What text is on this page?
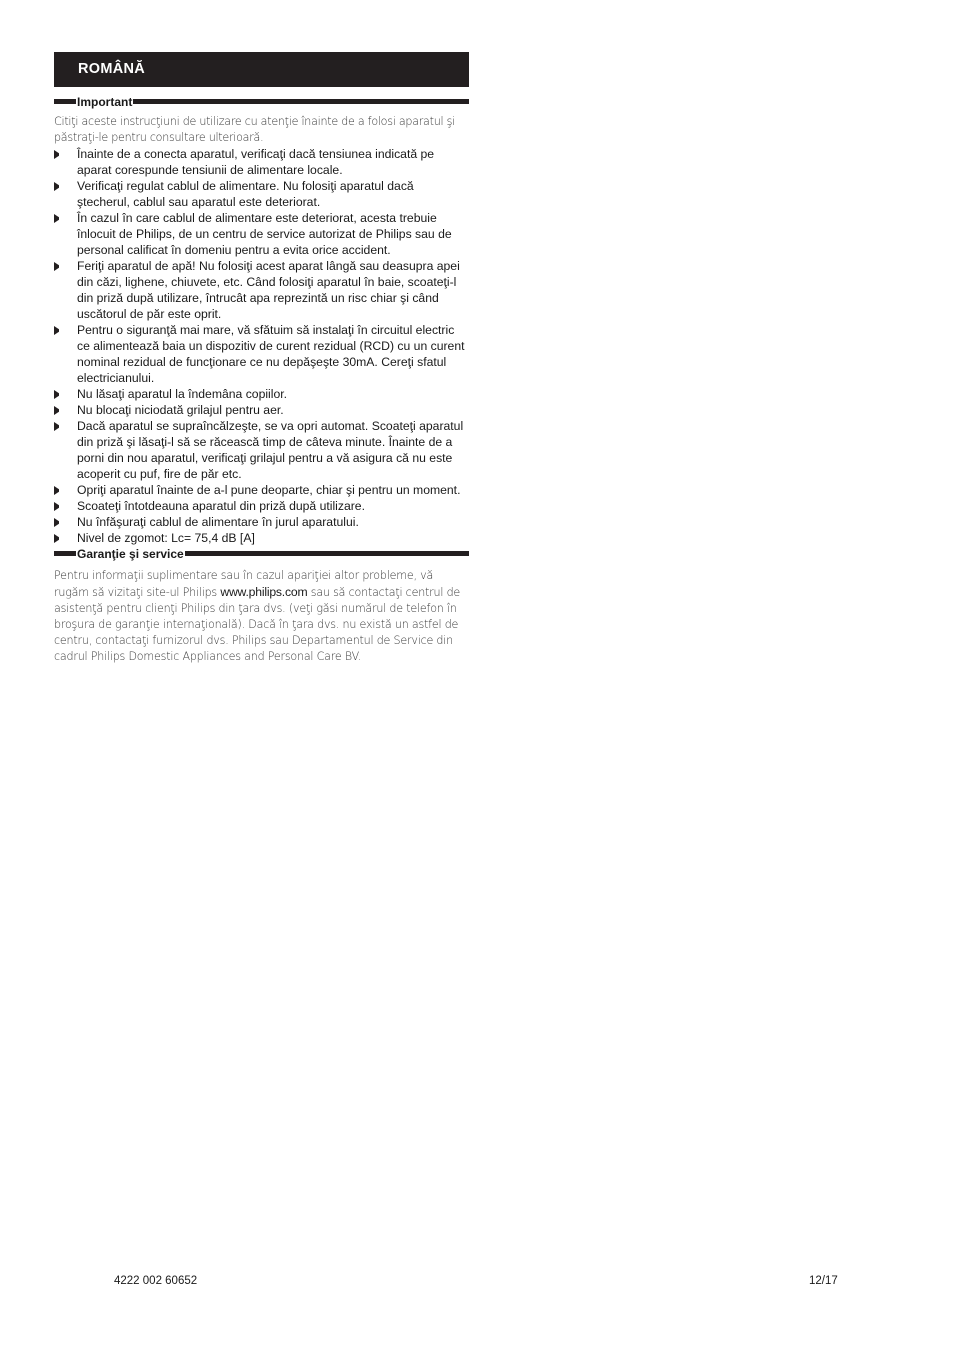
ROMÂNĂ
Important
Citiţi aceste instrucţiuni de utilizare cu atenţie înainte de a folosi aparatul şi păstraţi-le pentru consultare ulterioară.
Înainte de a conecta aparatul, verificaţi dacă tensiunea indicată pe aparat corespunde tensiunii de alimentare locale.
Verificaţi regulat cablul de alimentare. Nu folosiţi aparatul dacă ştecherul, cablul sau aparatul este deteriorat.
În cazul în care cablul de alimentare este deteriorat, acesta trebuie înlocuit de Philips, de un centru de service autorizat de Philips sau de personal calificat în domeniu pentru a evita orice accident.
Feriţi aparatul de apă! Nu folosiţi acest aparat lângă sau deasupra apei din căzi, lighene, chiuvete, etc. Când folosiţi aparatul în baie, scoateţi-l din priză după utilizare, întrucât apa reprezintă un risc chiar şi când uscătorul de păr este oprit.
Pentru o siguranţă mai mare, vă sfătuim să instalaţi în circuitul electric ce alimentează baia un dispozitiv de curent rezidual (RCD) cu un curent nominal rezidual de funcţionare ce nu depăşeşte 30mA. Cereţi sfatul electricianului.
Nu lăsaţi aparatul la îndemâna copiilor.
Nu blocaţi niciodată grilajul pentru aer.
Dacă aparatul se supraîncălzeşte, se va opri automat. Scoateţi aparatul din priză şi lăsaţi-l să se răcească timp de câteva minute. Înainte de a porni din nou aparatul, verificaţi grilajul pentru a vă asigura că nu este acoperit cu puf, fire de păr etc.
Opriţi aparatul înainte de a-l pune deoparte, chiar şi pentru un moment.
Scoateţi întotdeauna aparatul din priză după utilizare.
Nu înfăşuraţi cablul de alimentare în jurul aparatului.
Nivel de zgomot: Lc= 75,4 dB [A]
Garanţie şi service
Pentru informaţii suplimentare sau în cazul apariţiei altor probleme, vă rugăm să vizitaţi site-ul Philips www.philips.com sau să contactaţi centrul de asistenţă pentru clienţi Philips din ţara dvs. (veţi găsi numărul de telefon în broşura de garanţie internaţională). Dacă în ţara dvs. nu există un astfel de centru, contactaţi furnizorul dvs. Philips sau Departamentul de Service din cadrul Philips Domestic Appliances and Personal Care BV.
4222 002 60652	12/17
